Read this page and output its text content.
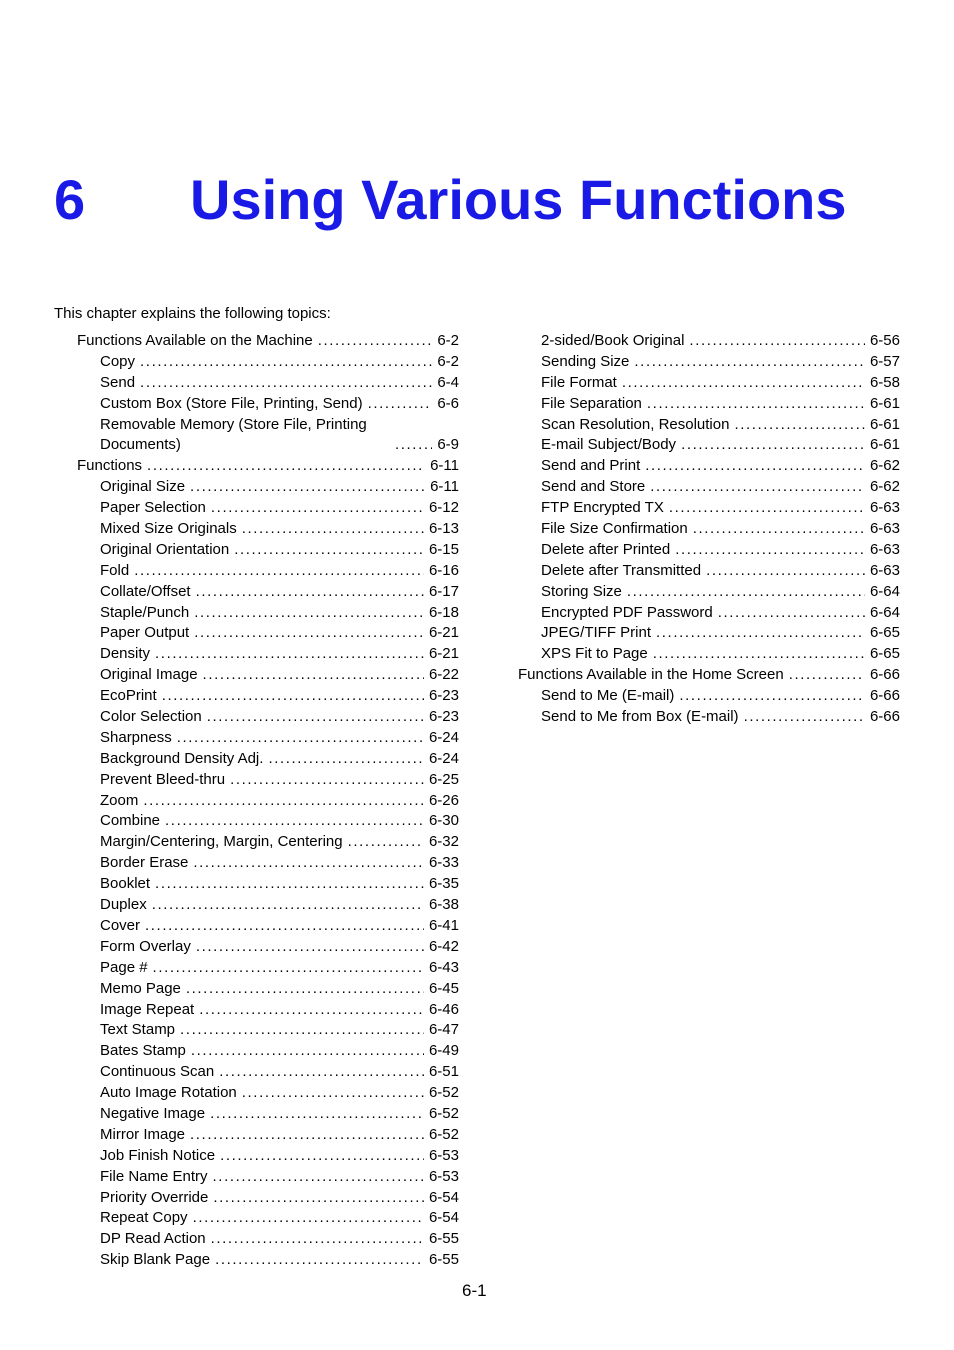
6 Using Various Functions
This chapter explains the following topics:
Functions Available on the Machine .....	6-2
Copy .....	6-2
Send .....	6-4
Custom Box (Store File, Printing, Send) .....	6-6
Removable Memory (Store File, Printing Documents) .....	6-9
Functions .....	6-11
Original Size .....	6-11
Paper Selection .....	6-12
Mixed Size Originals .....	6-13
Original Orientation .....	6-15
Fold .....	6-16
Collate/Offset .....	6-17
Staple/Punch .....	6-18
Paper Output .....	6-21
Density .....	6-21
Original Image .....	6-22
EcoPrint .....	6-23
Color Selection .....	6-23
Sharpness .....	6-24
Background Density Adj. .....	6-24
Prevent Bleed-thru .....	6-25
Zoom .....	6-26
Combine .....	6-30
Margin/Centering, Margin, Centering .....	6-32
Border Erase .....	6-33
Booklet .....	6-35
Duplex .....	6-38
Cover .....	6-41
Form Overlay .....	6-42
Page # .....	6-43
Memo Page .....	6-45
Image Repeat .....	6-46
Text Stamp .....	6-47
Bates Stamp .....	6-49
Continuous Scan .....	6-51
Auto Image Rotation .....	6-52
Negative Image .....	6-52
Mirror Image .....	6-52
Job Finish Notice .....	6-53
File Name Entry .....	6-53
Priority Override .....	6-54
Repeat Copy .....	6-54
DP Read Action .....	6-55
Skip Blank Page .....	6-55
2-sided/Book Original .....	6-56
Sending Size .....	6-57
File Format .....	6-58
File Separation .....	6-61
Scan Resolution, Resolution .....	6-61
E-mail Subject/Body .....	6-61
Send and Print .....	6-62
Send and Store .....	6-62
FTP Encrypted TX .....	6-63
File Size Confirmation .....	6-63
Delete after Printed .....	6-63
Delete after Transmitted .....	6-63
Storing Size .....	6-64
Encrypted PDF Password .....	6-64
JPEG/TIFF Print .....	6-65
XPS Fit to Page .....	6-65
Functions Available in the Home Screen .....	6-66
Send to Me (E-mail) .....	6-66
Send to Me from Box (E-mail) .....	6-66
6-1
